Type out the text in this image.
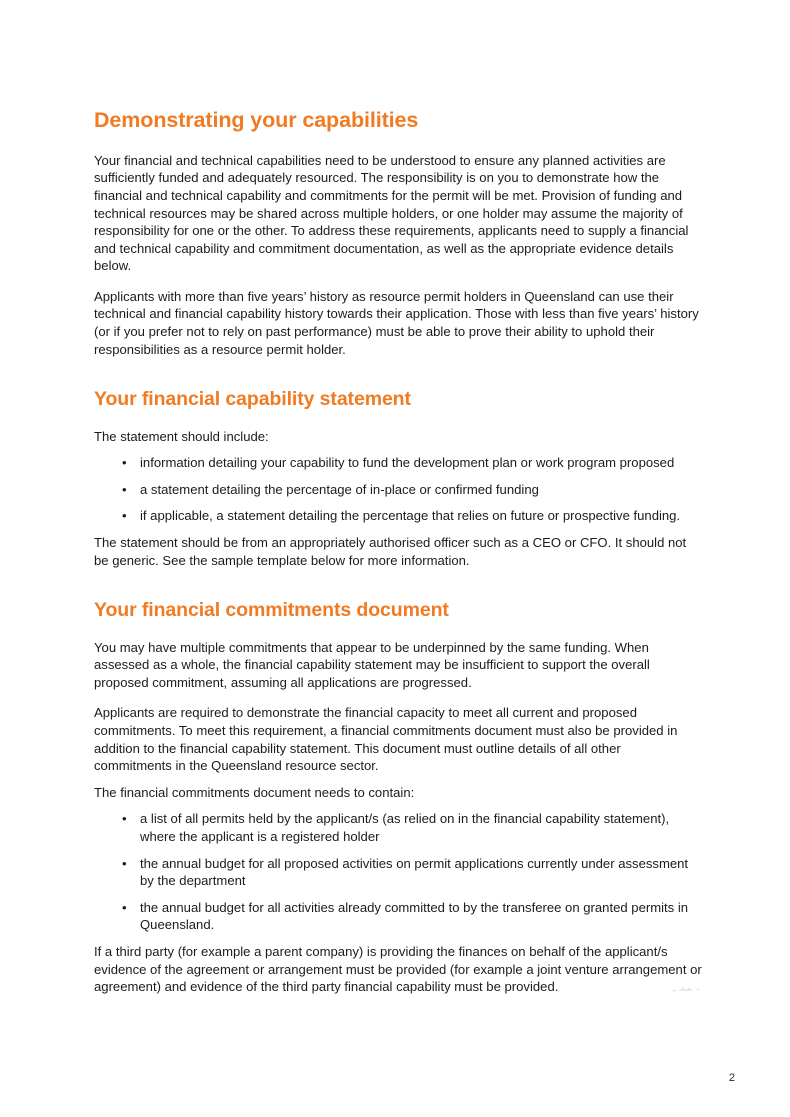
Demonstrating your capabilities

Your financial and technical capabilities need to be understood to ensure any planned activities are sufficiently funded and adequately resourced. The responsibility is on you to demonstrate how the financial and technical capability and commitments for the permit will be met. Provision of funding and technical resources may be shared across multiple holders, or one holder may assume the majority of responsibility for one or the other. To address these requirements, applicants need to supply a financial and technical capability and commitment documentation, as well as the appropriate evidence details below.

Applicants with more than five years’ history as resource permit holders in Queensland can use their technical and financial capability history towards their application. Those with less than five years’ history (or if you prefer not to rely on past performance) must be able to prove their ability to uphold their responsibilities as a resource permit holder.

Your financial capability statement

The statement should include:

• information detailing your capability to fund the development plan or work program proposed
• a statement detailing the percentage of in-place or confirmed funding
• if applicable, a statement detailing the percentage that relies on future or prospective funding.

The statement should be from an appropriately authorised officer such as a CEO or CFO. It should not be generic. See the sample template below for more information.

Your financial commitments document

You may have multiple commitments that appear to be underpinned by the same funding. When assessed as a whole, the financial capability statement may be insufficient to support the overall proposed commitment, assuming all applications are progressed.

Applicants are required to demonstrate the financial capacity to meet all current and proposed commitments. To meet this requirement, a financial commitments document must also be provided in addition to the financial capability statement. This document must outline details of all other commitments in the Queensland resource sector.

The financial commitments document needs to contain:

• a list of all permits held by the applicant/s (as relied on in the financial capability statement), where the applicant is a registered holder
• the annual budget for all proposed activities on permit applications currently under assessment by the department
• the annual budget for all activities already committed to by the transferee on granted permits in Queensland.

If a third party (for example a parent company) is providing the finances on behalf of the applicant/s evidence of the agreement or arrangement must be provided (for example a joint venture arrangement or agreement) and evidence of the third party financial capability must be provided.

2
